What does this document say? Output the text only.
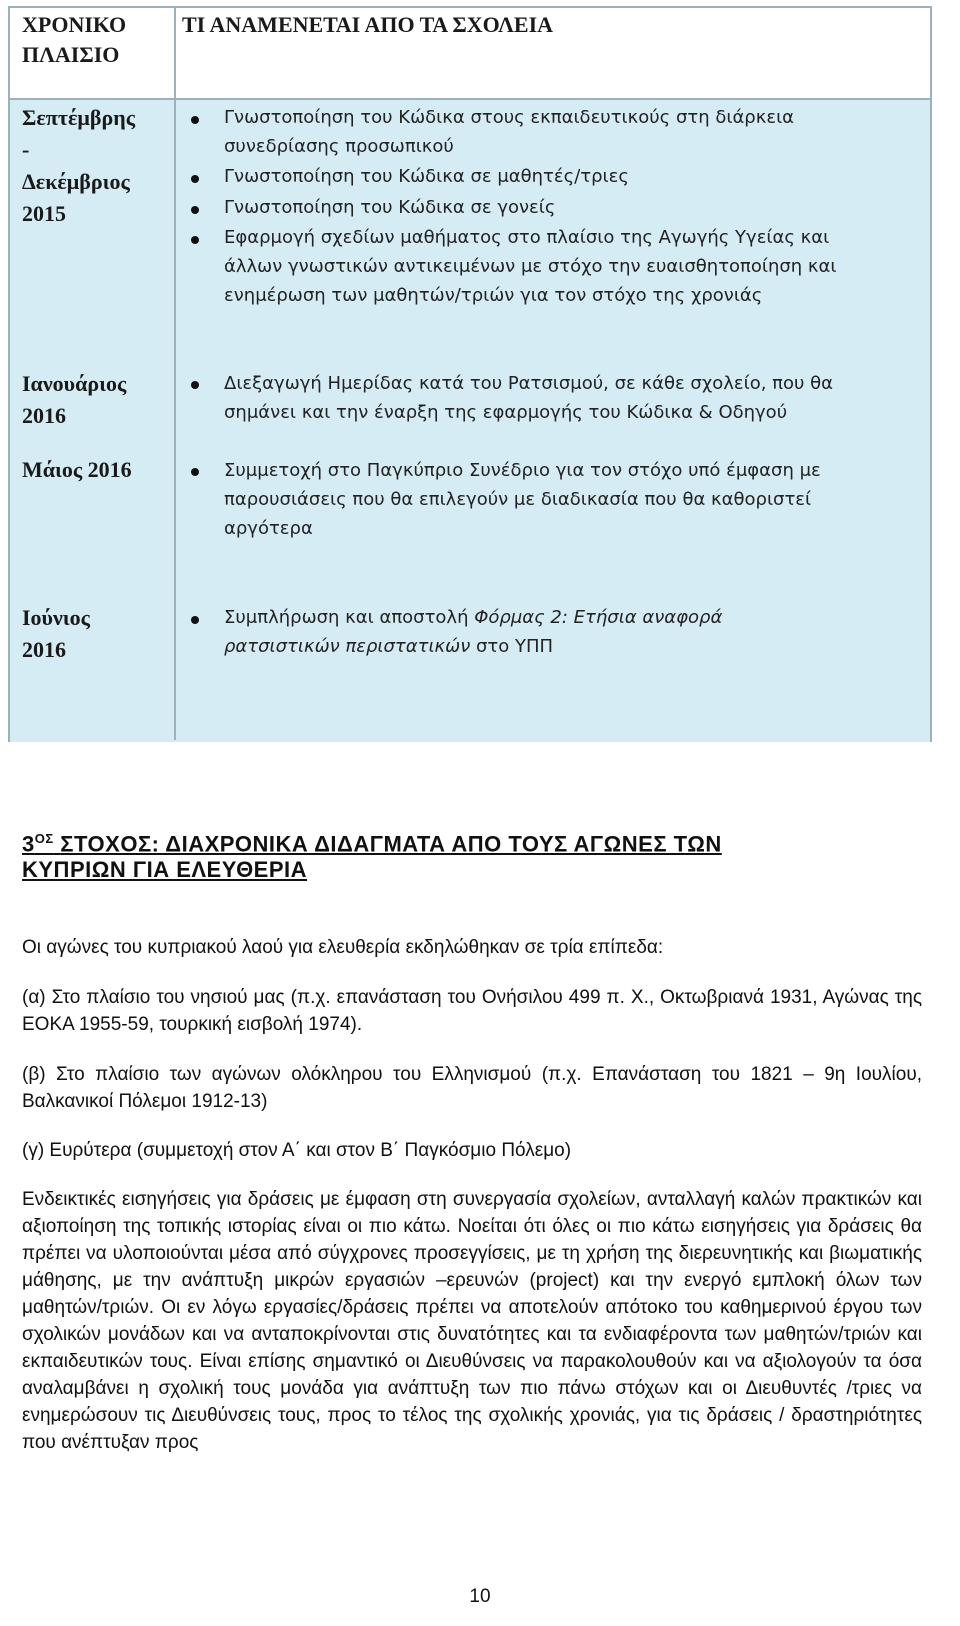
ΧΡΟΝΙΚΟ
ΠΛΑΙΣΙΟ
ΤΙ ΑΝΑΜΕΝΕΤΑΙ ΑΠΟ ΤΑ ΣΧΟΛΕΙΑ
Σεπτέμβρης
-
Δεκέμβριος
2015
Γνωστοποίηση του Κώδικα στους εκπαιδευτικούς στη διάρκεια
συνεδρίασης προσωπικού
Γνωστοποίηση του Κώδικα σε μαθητές/τριες
Γνωστοποίηση του Κώδικα σε γονείς
Εφαρμογή σχεδίων μαθήματος στο πλαίσιο της Αγωγής Υγείας και
άλλων γνωστικών αντικειμένων με στόχο την ευαισθητοποίηση και
ενημέρωση των μαθητών/τριών για τον στόχο της χρονιάς
Ιανουάριος
2016
Διεξαγωγή Ημερίδας κατά του Ρατσισμού, σε κάθε σχολείο, που θα
σημάνει και την έναρξη της εφαρμογής του Κώδικα & Οδηγού
Μάιος 2016	Συμμετοχή στο Παγκύπριο Συνέδριο για τον στόχο υπό έμφαση με
παρουσιάσεις που θα επιλεγούν με διαδικασία που θα καθοριστεί
αργότερα
Ιούνιος
2016
Συμπλήρωση και αποστολή Φόρμας 2: Ετήσια αναφορά
ρατσιστικών περιστατικών στο ΥΠΠ
$3^{O\Sigma}$ ΣΤΟΧΟΣ: ΔΙΑΧΡΟΝΙΚΑ ΔΙΔΑΓΜΑΤΑ ΑΠΟ ΤΟΥΣ ΑΓΩΝΕΣ ΤΩΝ
ΚΥΠΡΙΩΝ ΓΙΑ ΕΛΕΥΘΕΡΙΑ
Οι αγώνες του κυπριακού λαού για ελευθερία εκδηλώθηκαν σε τρία επίπεδα:
(α) Στο πλαίσιο του νησιού μας (π.χ. επανάσταση του Ονήσιλου 499 π. Χ., Οκτωβριανά 1931, Αγώνας της ΕΟΚΑ 1955-59, τουρκική εισβολή 1974).
(β) Στο πλαίσιο των αγώνων ολόκληρου του Ελληνισμού (π.χ. Επανάσταση του 1821 – 9η Ιουλίου, Βαλκανικοί Πόλεμοι 1912-13)
(γ) Ευρύτερα (συμμετοχή στον Α΄ και στον Β΄ Παγκόσμιο Πόλεμο)
Ενδεικτικές εισηγήσεις για δράσεις με έμφαση στη συνεργασία σχολείων, ανταλλαγή καλών πρακτικών και αξιοποίηση της τοπικής ιστορίας είναι οι πιο κάτω. Νοείται ότι όλες οι πιο κάτω εισηγήσεις για δράσεις θα πρέπει να υλοποιούνται μέσα από σύγχρονες προσεγγίσεις, με τη χρήση της διερευνητικής και βιωματικής μάθησης, με την ανάπτυξη μικρών εργασιών –ερευνών (project) και την ενεργό εμπλοκή όλων των μαθητών/τριών. Οι εν λόγω εργασίες/δράσεις πρέπει να αποτελούν απότοκο του καθημερινού έργου των σχολικών μονάδων και να ανταποκρίνονται στις δυνατότητες και τα ενδιαφέροντα των μαθητών/τριών και εκπαιδευτικών τους. Είναι επίσης σημαντικό οι Διευθύνσεις να παρακολουθούν και να αξιολογούν τα όσα αναλαμβάνει η σχολική τους μονάδα για ανάπτυξη των πιο πάνω στόχων και οι Διευθυντές /τριες να ενημερώσουν τις Διευθύνσεις τους, προς το τέλος της σχολικής χρονιάς, για τις δράσεις / δραστηριότητες που ανέπτυξαν προς
10
